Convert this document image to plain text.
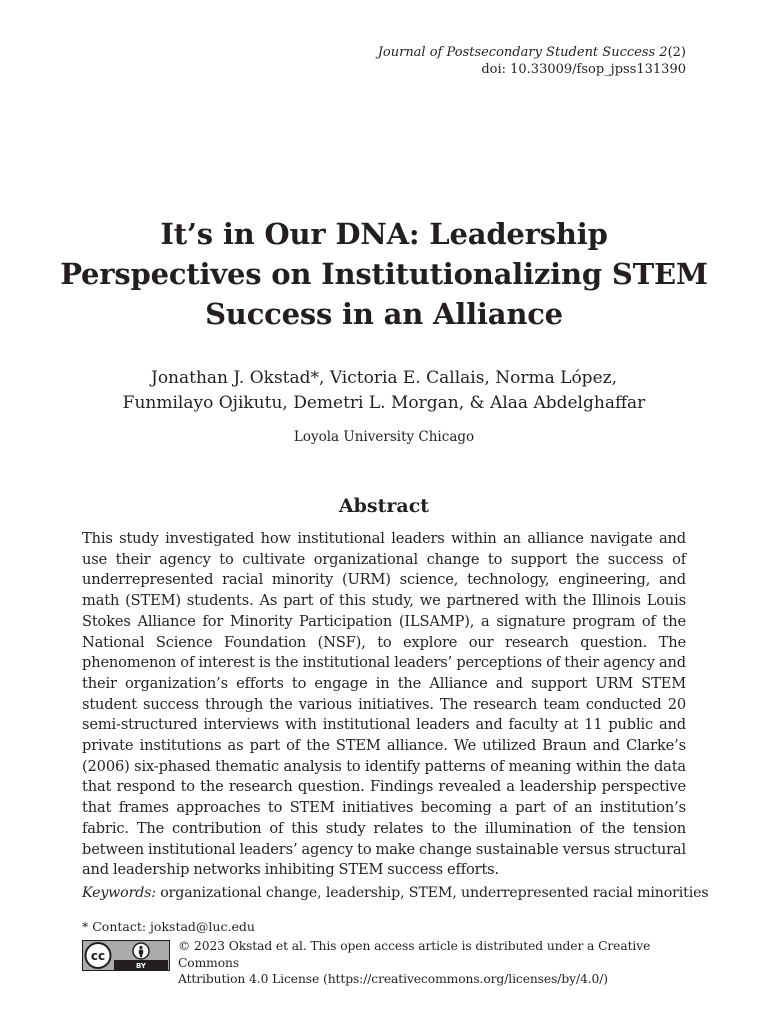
Journal of Postsecondary Student Success 2(2)
doi: 10.33009/fsop_jpss131390
It’s in Our DNA: Leadership Perspectives on Institutionalizing STEM Success in an Alliance
Jonathan J. Okstad*, Victoria E. Callais, Norma López,
Funmilayo Ojikutu, Demetri L. Morgan, & Alaa Abdelghaffar
Loyola University Chicago
Abstract
This study investigated how institutional leaders within an alliance navigate and use their agency to cultivate organizational change to support the success of underrepresented racial minority (URM) science, technology, engineering, and math (STEM) students. As part of this study, we partnered with the Illinois Louis Stokes Alliance for Minority Participation (ILSAMP), a signature program of the National Science Foundation (NSF), to explore our research question. The phenomenon of interest is the institutional leaders’ perceptions of their agency and their organization’s efforts to engage in the Alliance and support URM STEM student success through the various initiatives. The research team conducted 20 semi-structured interviews with institutional leaders and faculty at 11 public and private institutions as part of the STEM alliance. We utilized Braun and Clarke’s (2006) six-phased thematic analysis to identify patterns of meaning within the data that respond to the research question. Findings revealed a leadership perspective that frames approaches to STEM initiatives becoming a part of an institution’s fabric. The contribution of this study relates to the illumination of the tension between institutional leaders’ agency to make change sustainable versus structural and leadership networks inhibiting STEM success efforts.
Keywords: organizational change, leadership, STEM, underrepresented racial minorities
* Contact: jokstad@luc.edu
cc
BY
© 2023 Okstad et al. This open access article is distributed under a Creative Commons
Attribution 4.0 License (https://creativecommons.org/licenses/by/4.0/)
